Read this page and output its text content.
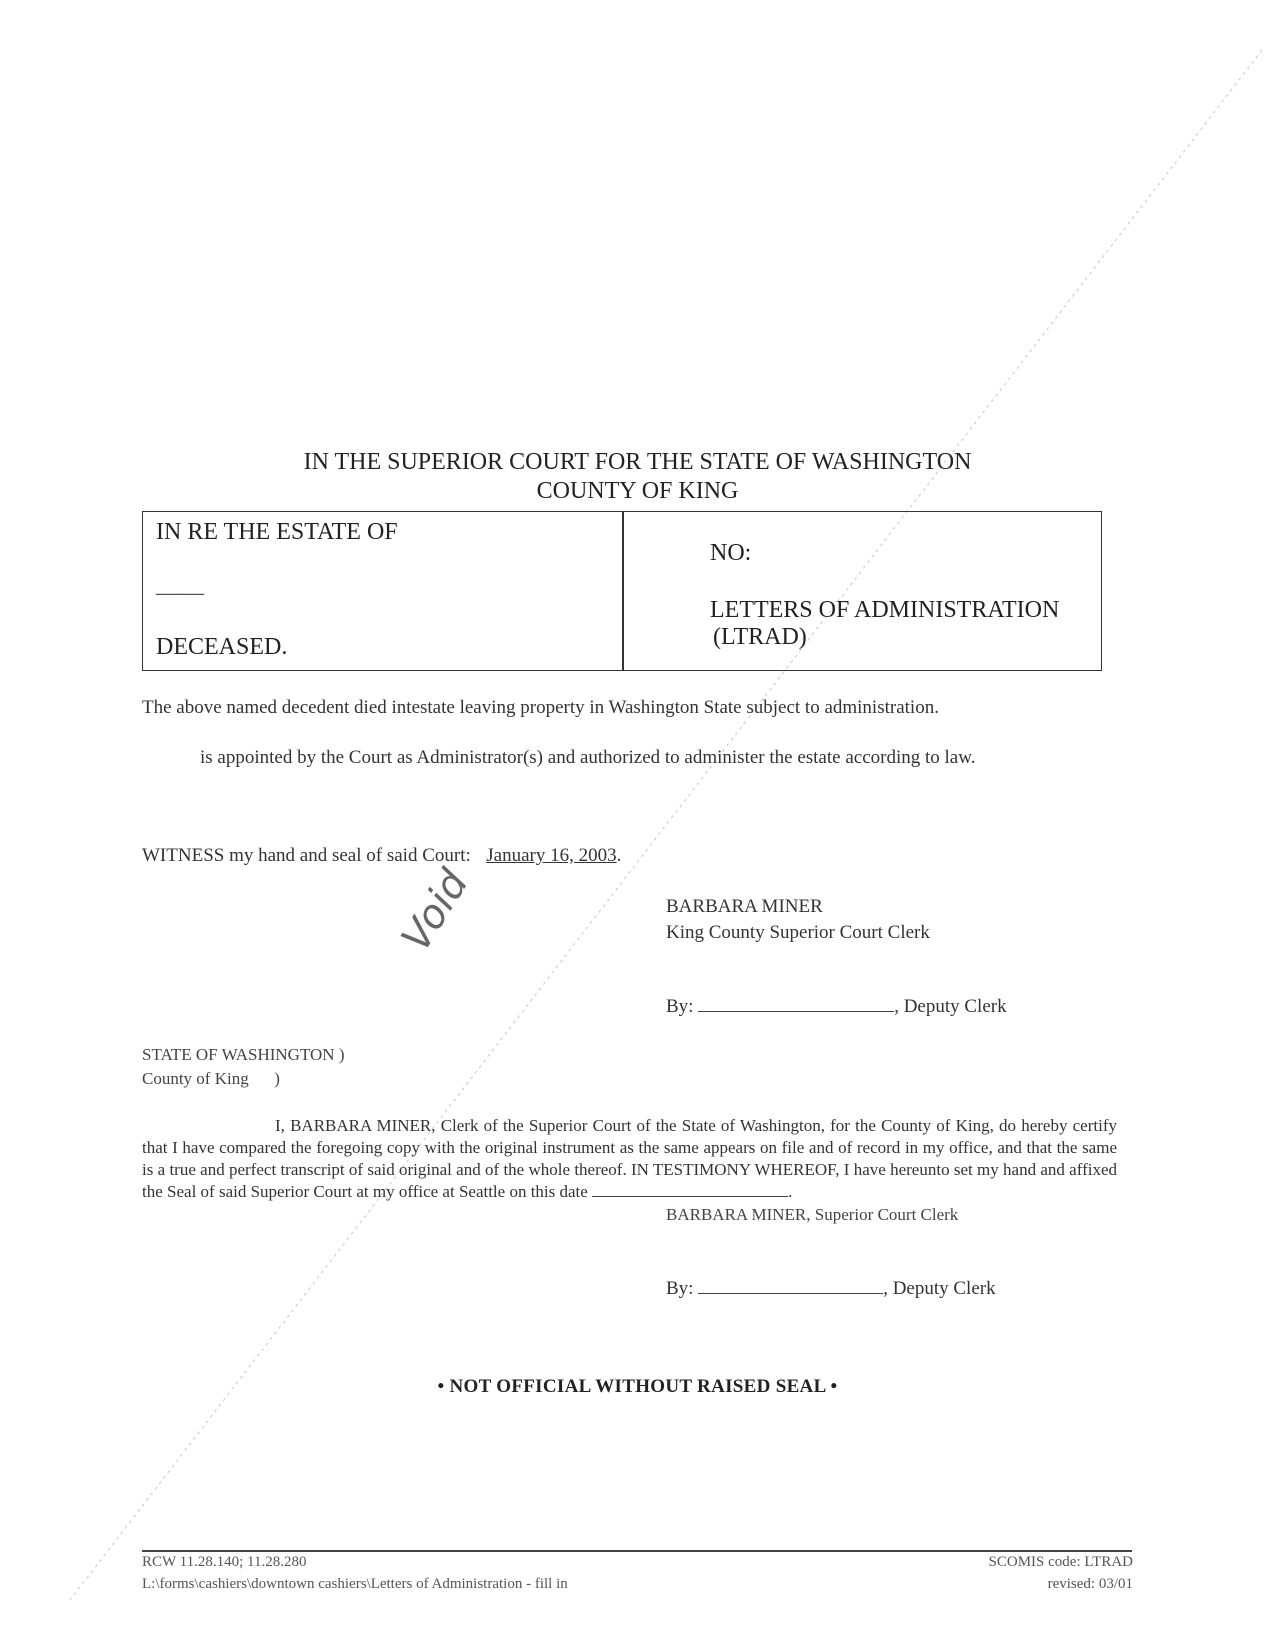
IN THE SUPERIOR COURT FOR THE STATE OF WASHINGTON
COUNTY OF KING
IN RE THE ESTATE OF
——
DECEASED.
NO:
LETTERS OF ADMINISTRATION
(LTRAD)
The above named decedent died intestate leaving property in Washington State subject to administration.
is appointed by the Court as Administrator(s) and authorized to administer the estate according to law.
WITNESS my hand and seal of said Court: January 16, 2003.
BARBARA MINER
King County Superior Court Clerk
By:	, Deputy Clerk
Void
STATE OF WASHINGTON )
County of King      )
I, BARBARA MINER, Clerk of the Superior Court of the State of Washington, for the County of King, do hereby certify that I have compared the foregoing copy with the original instrument as the same appears on file and of record in my office, and that the same is a true and perfect transcript of said original and of the whole thereof. IN TESTIMONY WHEREOF, I have hereunto set my hand and affixed the Seal of said Superior Court at my office at Seattle on this date	.
BARBARA MINER, Superior Court Clerk
By:	, Deputy Clerk
• NOT OFFICIAL WITHOUT RAISED SEAL •
RCW 11.28.140; 11.28.280
L:\forms\cashiers\downtown cashiers\Letters of Administration - fill in
SCOMIS code: LTRAD
revised: 03/01
